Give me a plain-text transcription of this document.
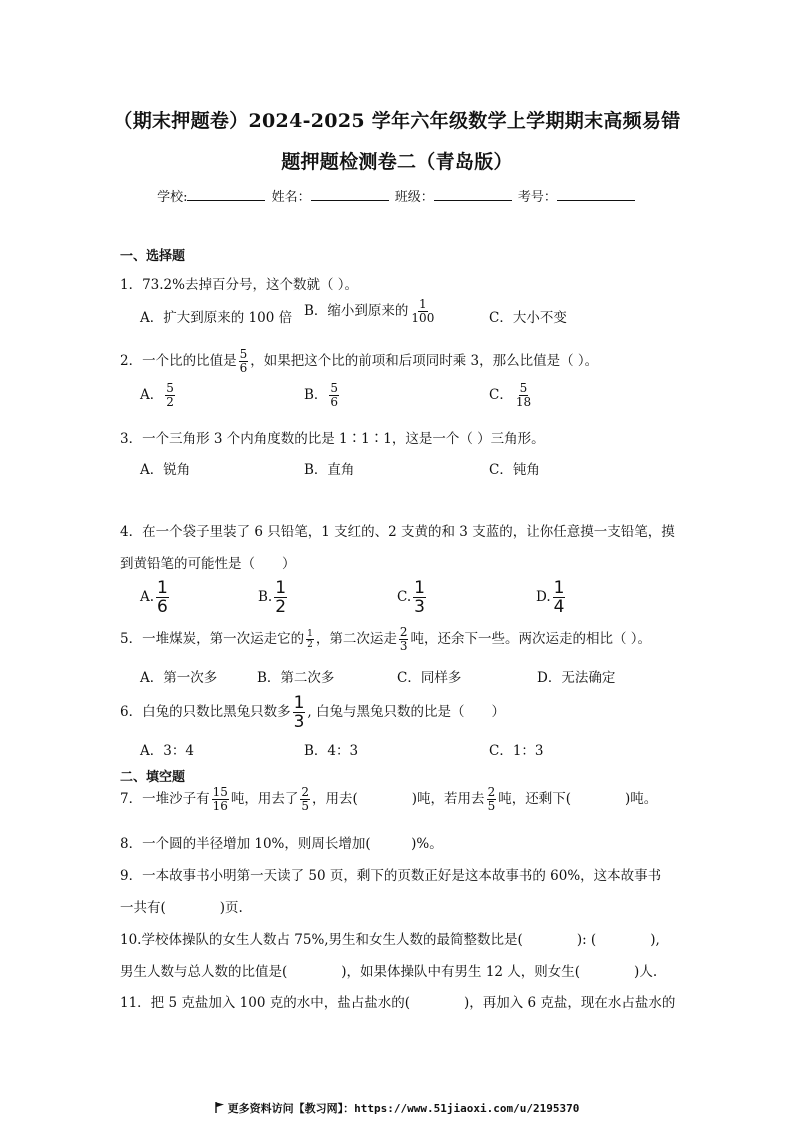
（期末押题卷）2024-2025 学年六年级数学上学期期末高频易错
题押题检测卷二（青岛版）
学校:	姓名：	班级：	考号：
一、选择题
1．73.2%去掉百分号，这个数就（ ）。
A．扩大到原来的 100 倍 B．缩小到原来的 $\frac{1}{100}$	C．大小不变
2．一个比的比值是 $\frac{5}{6}$ ，如果把这个比的前项和后项同时乘 3，那么比值是（ ）。
A． $\frac{5}{2}$	B． $\frac{5}{6}$	C． $\frac{5}{18}$
3．一个三角形 3 个内角度数的比是 1∶1∶1，这是一个（ ）三角形。
A．锐角	B．直角	C．钝角
4．在一个袋子里装了 6 只铅笔，1 支红的、2 支黄的和 3 支蓝的，让你任意摸一支铅笔，摸
到黄铅笔的可能性是（　　）
A. $\frac{1}{6}$	B. $\frac{1}{2}$	C. $\frac{1}{3}$	D. $\frac{1}{4}$
5．一堆煤炭，第一次运走它的 $\frac{1}{2}$ ，第二次运走 $\frac{2}{3}$ 吨，还余下一些。两次运走的相比（ ）。
A．第一次多	B．第二次多	C．同样多	D．无法确定
6．白兔的只数比黑兔只数多 $\frac{1}{3}$ , 白兔与黑兔只数的比是（　　）
A．3：4	B．4：3	C．1：3
二、填空题
7．一堆沙子有 $\frac{15}{16}$ 吨，用去了 $\frac{2}{5}$ ，用去(　　　　)吨，若用去 $\frac{2}{5}$ 吨，还剩下(　　　　)吨。
8．一个圆的半径增加 10%，则周长增加(　　　)%。
9．一本故事书小明第一天读了 50 页，剩下的页数正好是这本故事书的 60%，这本故事书
一共有(　　　　)页.
10.学校体操队的女生人数占 75%,男生和女生人数的最简整数比是(　　　　): (　　　　),
男生人数与总人数的比值是(　　　　)，如果体操队中有男生 12 人，则女生(　　　　)人.
11．把 5 克盐加入 100 克的水中，盐占盐水的(　　　　)，再加入 6 克盐，现在水占盐水的
更多资料访问【教习网】：https://www.51jiaoxi.com/u/2195370
